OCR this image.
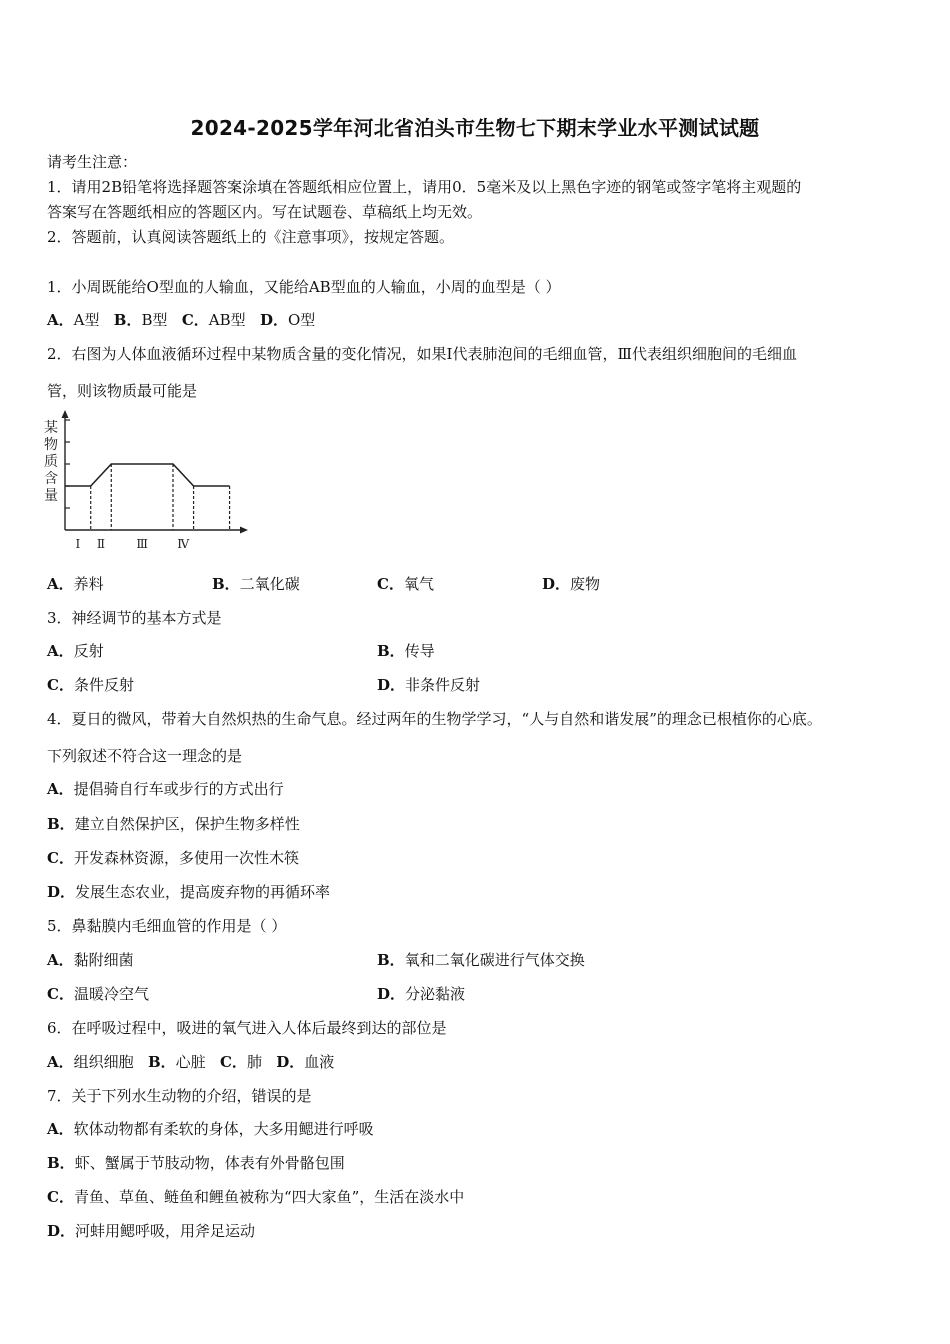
2024-2025学年河北省泊头市生物七下期末学业水平测试试题
请考生注意：
1．请用2B铅笔将选择题答案涂填在答题纸相应位置上，请用0．5毫米及以上黑色字迹的钢笔或签字笔将主观题的
答案写在答题纸相应的答题区内。写在试题卷、草稿纸上均无效。
2．答题前，认真阅读答题纸上的《注意事项》，按规定答题。
1．小周既能给O型血的人输血，又能给AB型血的人输血，小周的血型是（ ）
A．A型 B．B型 C．AB型 D．O型
2．右图为人体血液循环过程中某物质含量的变化情况，如果Ⅰ代表肺泡间的毛细血管，Ⅲ代表组织细胞间的毛细血
管，则该物质最可能是
某
物
质
含
量
Ⅰ Ⅱ	Ⅲ Ⅳ
A．养料	B．二氧化碳	C．氧气	D．废物
3．神经调节的基本方式是
A．反射	B．传导
C．条件反射	D．非条件反射
4．夏日的微风，带着大自然炽热的生命气息。经过两年的生物学学习，“人与自然和谐发展”的理念已根植你的心底。
下列叙述不符合这一理念的是
A．提倡骑自行车或步行的方式出行
B．建立自然保护区，保护生物多样性
C．开发森林资源，多使用一次性木筷
D．发展生态农业，提高废弃物的再循环率
5．鼻黏膜内毛细血管的作用是（ ）
A．黏附细菌	B．氧和二氧化碳进行气体交换
C．温暖冷空气	D．分泌黏液
6．在呼吸过程中，吸进的氧气进入人体后最终到达的部位是
A．组织细胞 B．心脏 C．肺 D．血液
7．关于下列水生动物的介绍，错误的是
A．软体动物都有柔软的身体，大多用鳃进行呼吸
B．虾、蟹属于节肢动物，体表有外骨骼包围
C．青鱼、草鱼、鲢鱼和鲤鱼被称为“四大家鱼”，生活在淡水中
D．河蚌用鳃呼吸，用斧足运动
